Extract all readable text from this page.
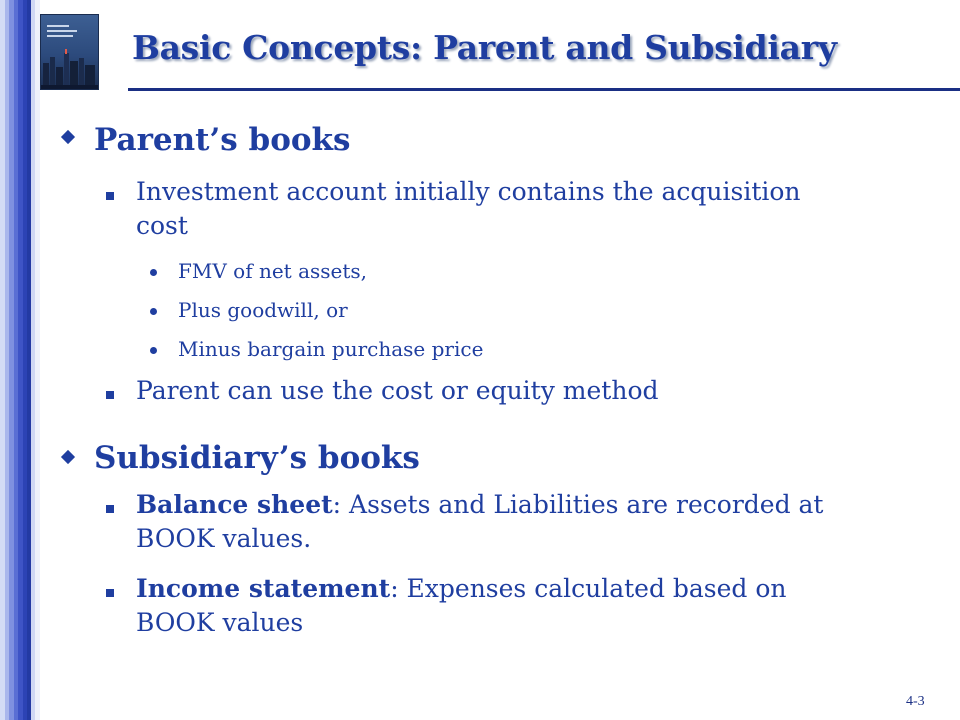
Basic Concepts: Parent and Subsidiary
Parent’s books
Investment account initially contains the acquisition cost
FMV of net assets,
Plus goodwill, or
Minus bargain purchase price
Parent can use the cost or equity method
Subsidiary’s books
Balance sheet: Assets and Liabilities are recorded at BOOK values.
Income statement: Expenses calculated based on BOOK values
4-3
